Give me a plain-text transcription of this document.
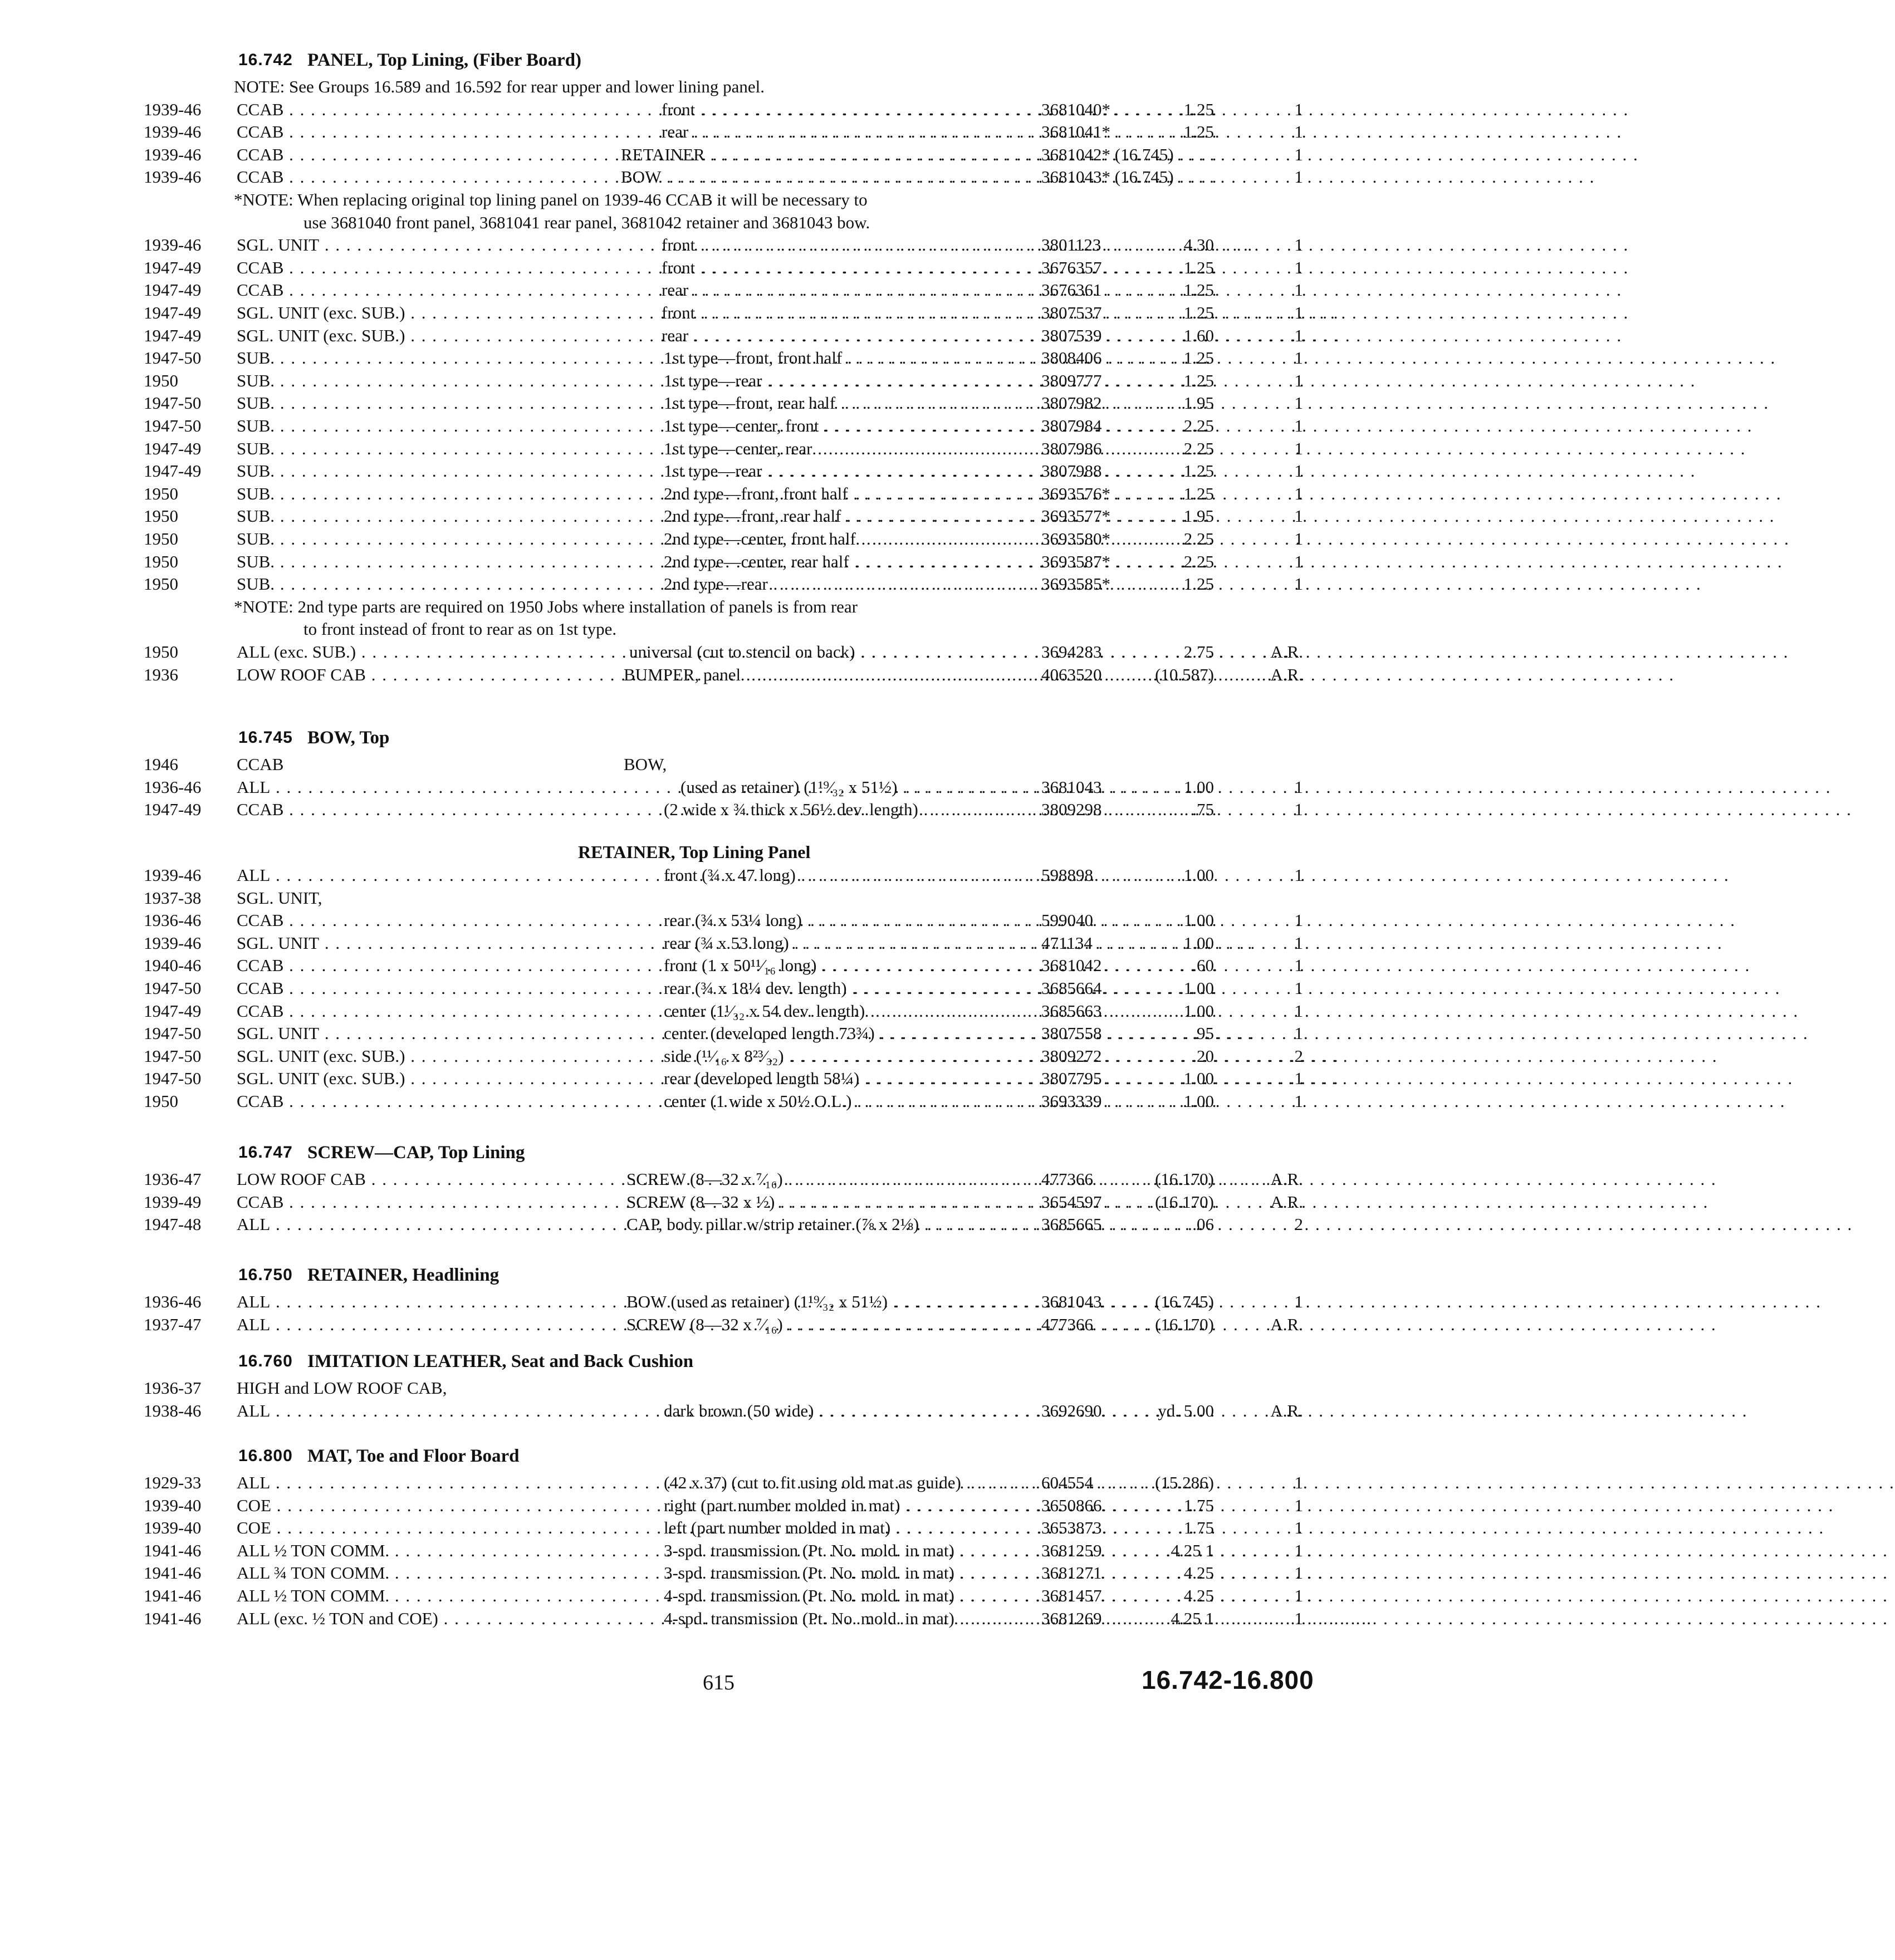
16.742 PANEL, Top Lining, (Fiber Board)
NOTE: See Groups 16.589 and 16.592 for rear upper and lower lining panel.
1939-46	CCAB . . .	front . . .	3681040*	1.25	1
1939-46	CCAB . . .	rear . . .	3681041*	1.25	1
1939-46	CCAB . . .	RETAINER . . .	3681042* (16.745)	1
1939-46	CCAB . . .	BOW . . .	3681043* (16.745)	1
*NOTE: When replacing original top lining panel on 1939-46 CCAB it will be necessary to
use 3681040 front panel, 3681041 rear panel, 3681042 retainer and 3681043 bow.
1939-46	SGL. UNIT . . .	front . . .	3801123	4.30	1
1947-49	CCAB . . .	front . . .	3676357	1.25	1
1947-49	CCAB . . .	rear . . .	3676361	1.25	1
1947-49	SGL. UNIT (exc. SUB.) . . .	front . . .	3807537	1.25	1
1947-49	SGL. UNIT (exc. SUB.) . . .	rear . . .	3807539	1.60	1
1947-50	SUB. . . .	1st type—front, front half . . .	3808406	1.25	1
1950	SUB. . . .	1st type—rear . . .	3809777	1.25	1
1947-50	SUB. . . .	1st type—front, rear half . . .	3807982	1.95	1
1947-50	SUB. . . .	1st type—center, front . . .	3807984	2.25	1
1947-49	SUB. . . .	1st type—center, rear . . .	3807986	2.25	1
1947-49	SUB. . . .	1st type—rear . . .	3807988	1.25	1
1950	SUB. . . .	2nd type—front, front half . . .	3693576*	1.25	1
1950	SUB. . . .	2nd type—front, rear half . . .	3693577*	1.95	1
1950	SUB. . . .	2nd type—center, front half . . .	3693580*	2.25	1
1950	SUB. . . .	2nd type—center, rear half . . .	3693587*	2.25	1
1950	SUB. . . .	2nd type—rear . . .	3693585*	1.25	1
*NOTE: 2nd type parts are required on 1950 Jobs where installation of panels is from rear
to front instead of front to rear as on 1st type.
1950	ALL (exc. SUB.) . . .	universal (cut to stencil on back) . . .	3694283	2.75	A.R.
1936	LOW ROOF CAB . . .	BUMPER, panel . . .	4063520	(10.587)	A.R.
16.745 BOW, Top
1946	CCAB	BOW,
1936-46	ALL . . .	(used as retainer) (1¹⁹⁄₃₂ x 51½) . . .	3681043	1.00	1
1947-49	CCAB . . .	(2 wide x ¾ thick x 56½ dev. length) . . .	3809298	.75	1
RETAINER, Top Lining Panel
1939-46	ALL . . .	front (¾ x 47 long) . . .	598898	1.00	1
1937-38	SGL. UNIT,
1936-46	CCAB . . .	rear (¾ x 53¼ long) . . .	599040	1.00	1
1939-46	SGL. UNIT . . .	rear (¾ x 53 long) . . .	471134	1.00	1
1940-46	CCAB . . .	front (1 x 50¹¹⁄₁₆ long) . . .	3681042	.60	1
1947-50	CCAB . . .	rear (¾ x 18¼ dev. length) . . .	3685664	1.00	1
1947-49	CCAB . . .	center (1¹⁄₃₂ x 54 dev. length) . . .	3685663	1.00	1
1947-50	SGL. UNIT . . .	center (developed length 73¾) . . .	3807558	.95	1
1947-50	SGL. UNIT (exc. SUB.) . . .	side (¹¹⁄₁₆ x 8²³⁄₃₂) . . .	3809272	.20	2
1947-50	SGL. UNIT (exc. SUB.) . . .	rear (developed length 58¼) . . .	3807795	1.00	1
1950	CCAB . . .	center (1 wide x 50½ O.L.) . . .	3693339	1.00	1
16.747 SCREW—CAP, Top Lining
1936-47	LOW ROOF CAB . . .	SCREW (8—32 x ⁷⁄₁₆) . . .	477366	(16.170)	A.R.
1939-49	CCAB . . .	SCREW (8—32 x ½) . . .	3654597	(16.170)	A.R.
1947-48	ALL . . .	CAP, body pillar w/strip retainer (⅞ x 2⅛) . . .	3685665	.06	2
16.750 RETAINER, Headlining
1936-46	ALL . . .	BOW (used as retainer) (1¹⁹⁄₃₂ x 51½) . . .	3681043	(16.745)	1
1937-47	ALL . . .	SCREW (8—32 x ⁷⁄₁₆) . . .	477366	(16.170)	A.R.
16.760 IMITATION LEATHER, Seat and Back Cushion
1936-37	HIGH and LOW ROOF CAB,
1938-46	ALL . . .	dark brown (50 wide) . . .	3692690	yd. 5.00	A.R.
16.800 MAT, Toe and Floor Board
1929-33	ALL . . .	(42 x 37) (cut to fit using old mat as guide) . . .	604554	(15.286)	1
1939-40	COE . . .	right (part number molded in mat) . . .	3650866	1.75	1
1939-40	COE . . .	left (part number molded in mat) . . .	3653873	1.75	1
1941-46	ALL ½ TON COMM. . . .	3-spd. transmission (Pt. No. mold. in mat) . . .	3681259	4.25 1	1
1941-46	ALL ¾ TON COMM. . . .	3-spd. transmission (Pt. No. mold. in mat) . . .	3681271	4.25	1
1941-46	ALL ½ TON COMM. . . .	4-spd. transmission (Pt. No. mold. in mat) . . .	3681457	4.25	1
1941-46	ALL (exc. ½ TON and COE) . . .	4-spd. transmission (Pt. No. mold. in mat) . . .	3681269	4.25 1	1
615	16.742-16.800
